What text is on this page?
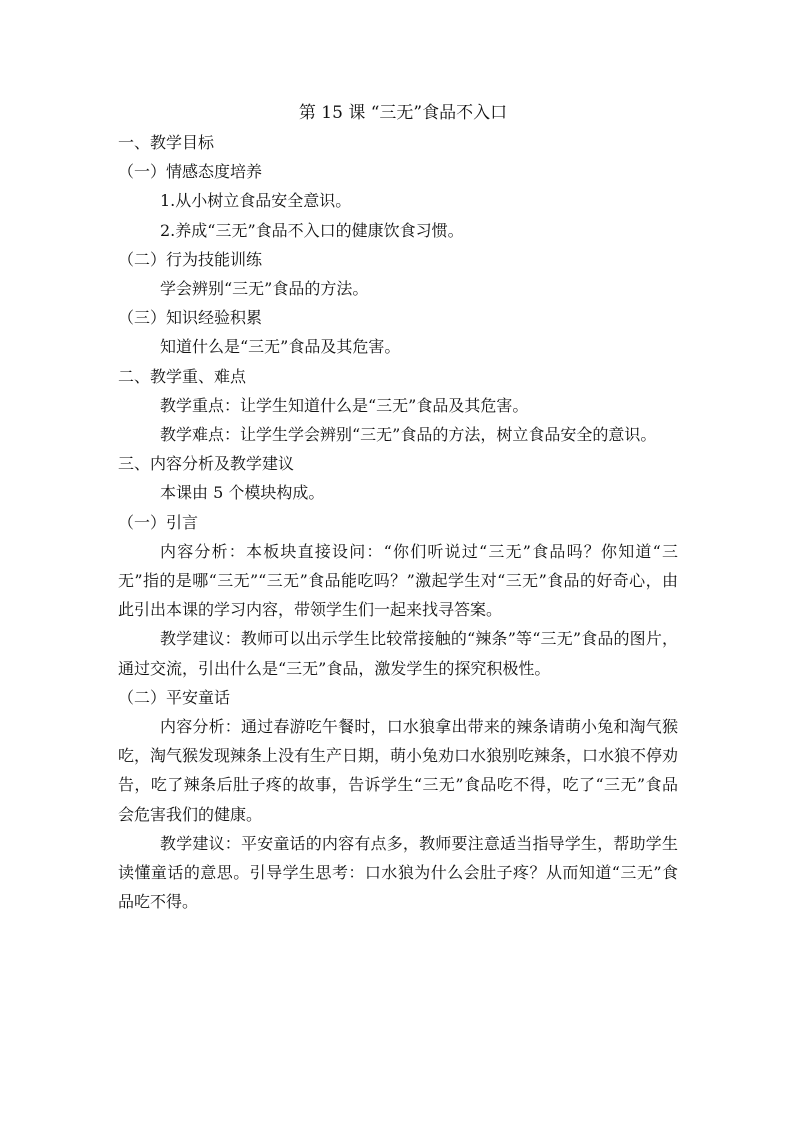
第 15 课 “三无”食品不入口

一、教学目标

（一）情感态度培养

1.从小树立食品安全意识。

2.养成“三无”食品不入口的健康饮食习惯。

（二）行为技能训练

学会辨别“三无”食品的方法。

（三）知识经验积累

知道什么是“三无”食品及其危害。

二、教学重、难点

教学重点：让学生知道什么是“三无”食品及其危害。

教学难点：让学生学会辨别“三无”食品的方法，树立食品安全的意识。

三、内容分析及教学建议

本课由 5 个模块构成。

（一）引言

内容分析：本板块直接设问：“你们听说过“三无”食品吗？你知道“三无”指的是哪“三无”“三无”食品能吃吗？”激起学生对“三无”食品的好奇心，由此引出本课的学习内容，带领学生们一起来找寻答案。

教学建议：教师可以出示学生比较常接触的“辣条”等“三无”食品的图片，通过交流，引出什么是“三无”食品，激发学生的探究积极性。

（二）平安童话

内容分析：通过春游吃午餐时，口水狼拿出带来的辣条请萌小兔和淘气猴吃，淘气猴发现辣条上没有生产日期，萌小兔劝口水狼别吃辣条，口水狼不停劝告，吃了辣条后肚子疼的故事，告诉学生“三无”食品吃不得，吃了“三无”食品会危害我们的健康。

教学建议：平安童话的内容有点多，教师要注意适当指导学生，帮助学生读懂童话的意思。引导学生思考：口水狼为什么会肚子疼？从而知道“三无”食品吃不得。
